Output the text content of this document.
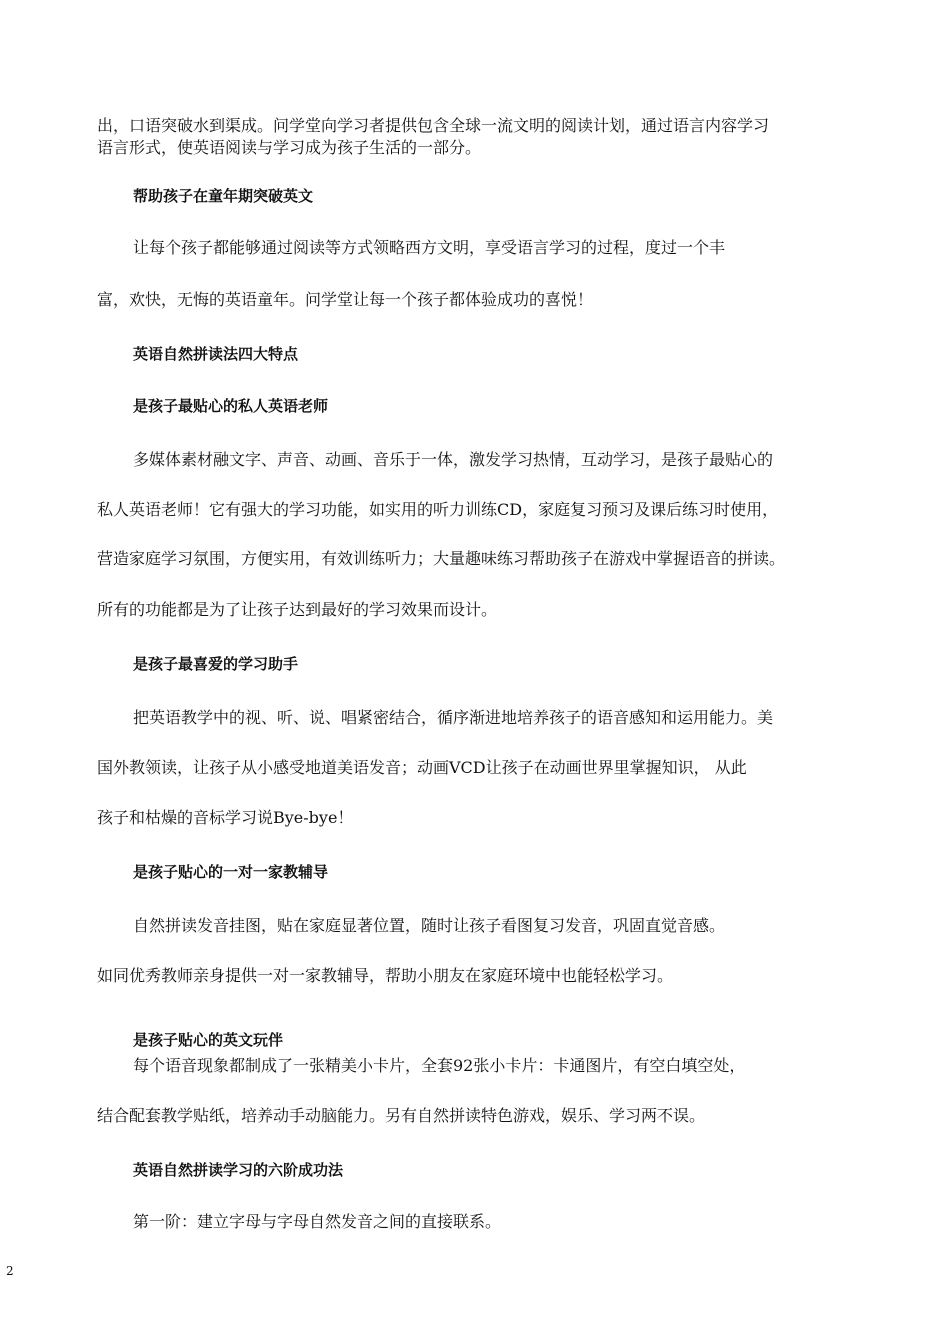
出，口语突破水到渠成。问学堂向学习者提供包含全球一流文明的阅读计划，通过语言内容学习
语言形式，使英语阅读与学习成为孩子生活的一部分。
帮助孩子在童年期突破英文
让每个孩子都能够通过阅读等方式领略西方文明，享受语言学习的过程，度过一个丰
富，欢快，无悔的英语童年。问学堂让每一个孩子都体验成功的喜悦！
英语自然拼读法四大特点
是孩子最贴心的私人英语老师
多媒体素材融文字、声音、动画、音乐于一体，激发学习热情，互动学习，是孩子最贴心的
私人英语老师！它有强大的学习功能，如实用的听力训练CD，家庭复习预习及课后练习时使用，
营造家庭学习氛围，方便实用，有效训练听力；大量趣味练习帮助孩子在游戏中掌握语音的拼读。
所有的功能都是为了让孩子达到最好的学习效果而设计。
是孩子最喜爱的学习助手
把英语教学中的视、听、说、唱紧密结合，循序渐进地培养孩子的语音感知和运用能力。美
国外教领读，让孩子从小感受地道美语发音；动画VCD让孩子在动画世界里掌握知识， 从此
孩子和枯燥的音标学习说Bye-bye！
是孩子贴心的一对一家教辅导
自然拼读发音挂图，贴在家庭显著位置，随时让孩子看图复习发音，巩固直觉音感。
如同优秀教师亲身提供一对一家教辅导，帮助小朋友在家庭环境中也能轻松学习。
是孩子贴心的英文玩伴
每个语音现象都制成了一张精美小卡片，全套92张小卡片：卡通图片，有空白填空处，
结合配套教学贴纸，培养动手动脑能力。另有自然拼读特色游戏，娱乐、学习两不误。
英语自然拼读学习的六阶成功法
第一阶：建立字母与字母自然发音之间的直接联系。
2
